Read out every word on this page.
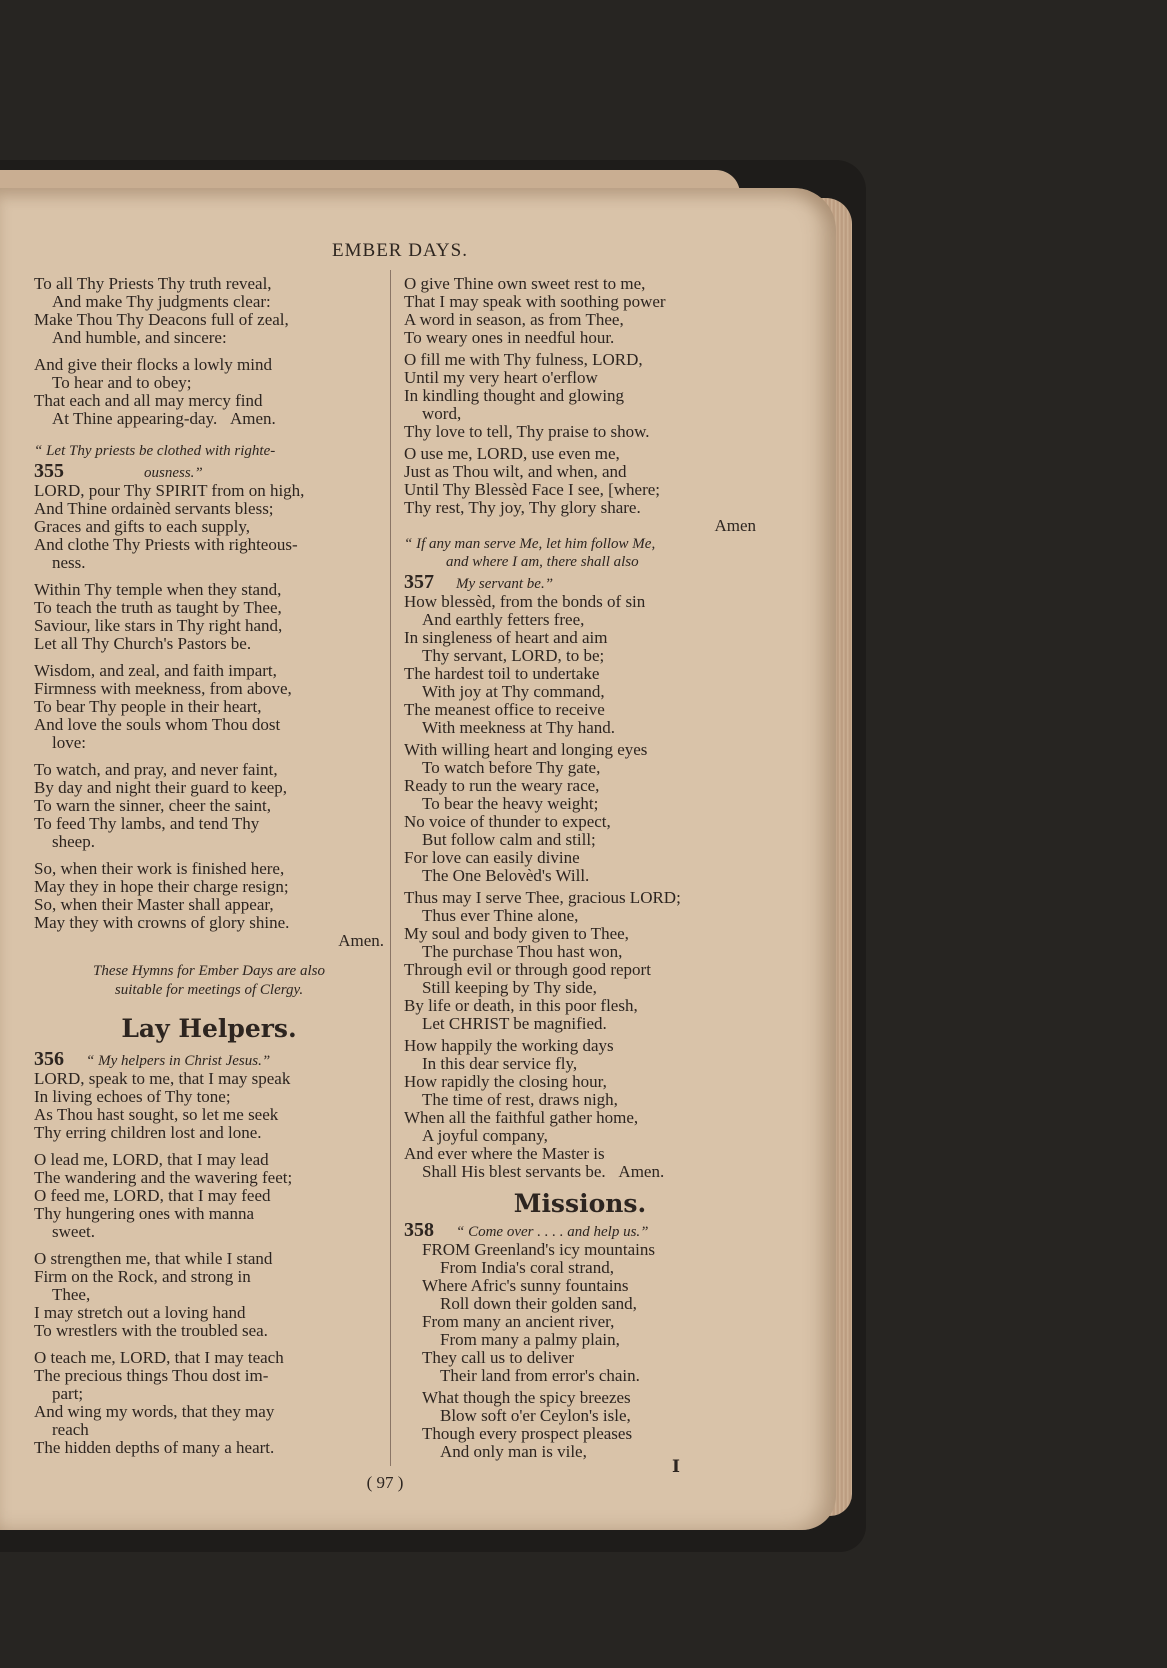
EMBER DAYS.
To all Thy Priests Thy truth reveal,
And make Thy judgments clear:
Make Thou Thy Deacons full of zeal,
And humble, and sincere:
And give their flocks a lowly mind
To hear and to obey;
That each and all may mercy find
At Thine appearing-day. Amen.
“ Let Thy priests be clothed with righte-
355	ousness.”
LORD, pour Thy SPIRIT from on high,
And Thine ordainèd servants bless;
Graces and gifts to each supply,
And clothe Thy Priests with righteous-
ness.
Within Thy temple when they stand,
To teach the truth as taught by Thee,
Saviour, like stars in Thy right hand,
Let all Thy Church's Pastors be.
Wisdom, and zeal, and faith impart,
Firmness with meekness, from above,
To bear Thy people in their heart,
And love the souls whom Thou dost
love:
To watch, and pray, and never faint,
By day and night their guard to keep,
To warn the sinner, cheer the saint,
To feed Thy lambs, and tend Thy
sheep.
So, when their work is finished here,
May they in hope their charge resign;
So, when their Master shall appear,
May they with crowns of glory shine.
Amen.
These Hymns for Ember Days are also
suitable for meetings of Clergy.
Lay Helpers.
356 “ My helpers in Christ Jesus.”
LORD, speak to me, that I may speak
In living echoes of Thy tone;
As Thou hast sought, so let me seek
Thy erring children lost and lone.
O lead me, LORD, that I may lead
The wandering and the wavering feet;
O feed me, LORD, that I may feed
Thy hungering ones with manna
sweet.
O strengthen me, that while I stand
Firm on the Rock, and strong in
Thee,
I may stretch out a loving hand
To wrestlers with the troubled sea.
O teach me, LORD, that I may teach
The precious things Thou dost im-
part;
And wing my words, that they may
reach
The hidden depths of many a heart.
O give Thine own sweet rest to me,
That I may speak with soothing power
A word in season, as from Thee,
To weary ones in needful hour.
O fill me with Thy fulness, LORD,
Until my very heart o'erflow
In kindling thought and glowing
word,
Thy love to tell, Thy praise to show.
O use me, LORD, use even me,
Just as Thou wilt, and when, and
Until Thy Blessèd Face I see, [where;
Thy rest, Thy joy, Thy glory share.
Amen
“ If any man serve Me, let him follow Me,
and where I am, there shall also
357 My servant be.”
How blessèd, from the bonds of sin
And earthly fetters free,
In singleness of heart and aim
Thy servant, LORD, to be;
The hardest toil to undertake
With joy at Thy command,
The meanest office to receive
With meekness at Thy hand.
With willing heart and longing eyes
To watch before Thy gate,
Ready to run the weary race,
To bear the heavy weight;
No voice of thunder to expect,
But follow calm and still;
For love can easily divine
The One Belovèd's Will.
Thus may I serve Thee, gracious LORD;
Thus ever Thine alone,
My soul and body given to Thee,
The purchase Thou hast won,
Through evil or through good report
Still keeping by Thy side,
By life or death, in this poor flesh,
Let CHRIST be magnified.
How happily the working days
In this dear service fly,
How rapidly the closing hour,
The time of rest, draws nigh,
When all the faithful gather home,
A joyful company,
And ever where the Master is
Shall His blest servants be. Amen.
Missions.
358 “ Come over . . . . and help us.”
FROM Greenland's icy mountains
From India's coral strand,
Where Afric's sunny fountains
Roll down their golden sand,
From many an ancient river,
From many a palmy plain,
They call us to deliver
Their land from error's chain.
What though the spicy breezes
Blow soft o'er Ceylon's isle,
Though every prospect pleases
And only man is vile,
( 97 )
I
